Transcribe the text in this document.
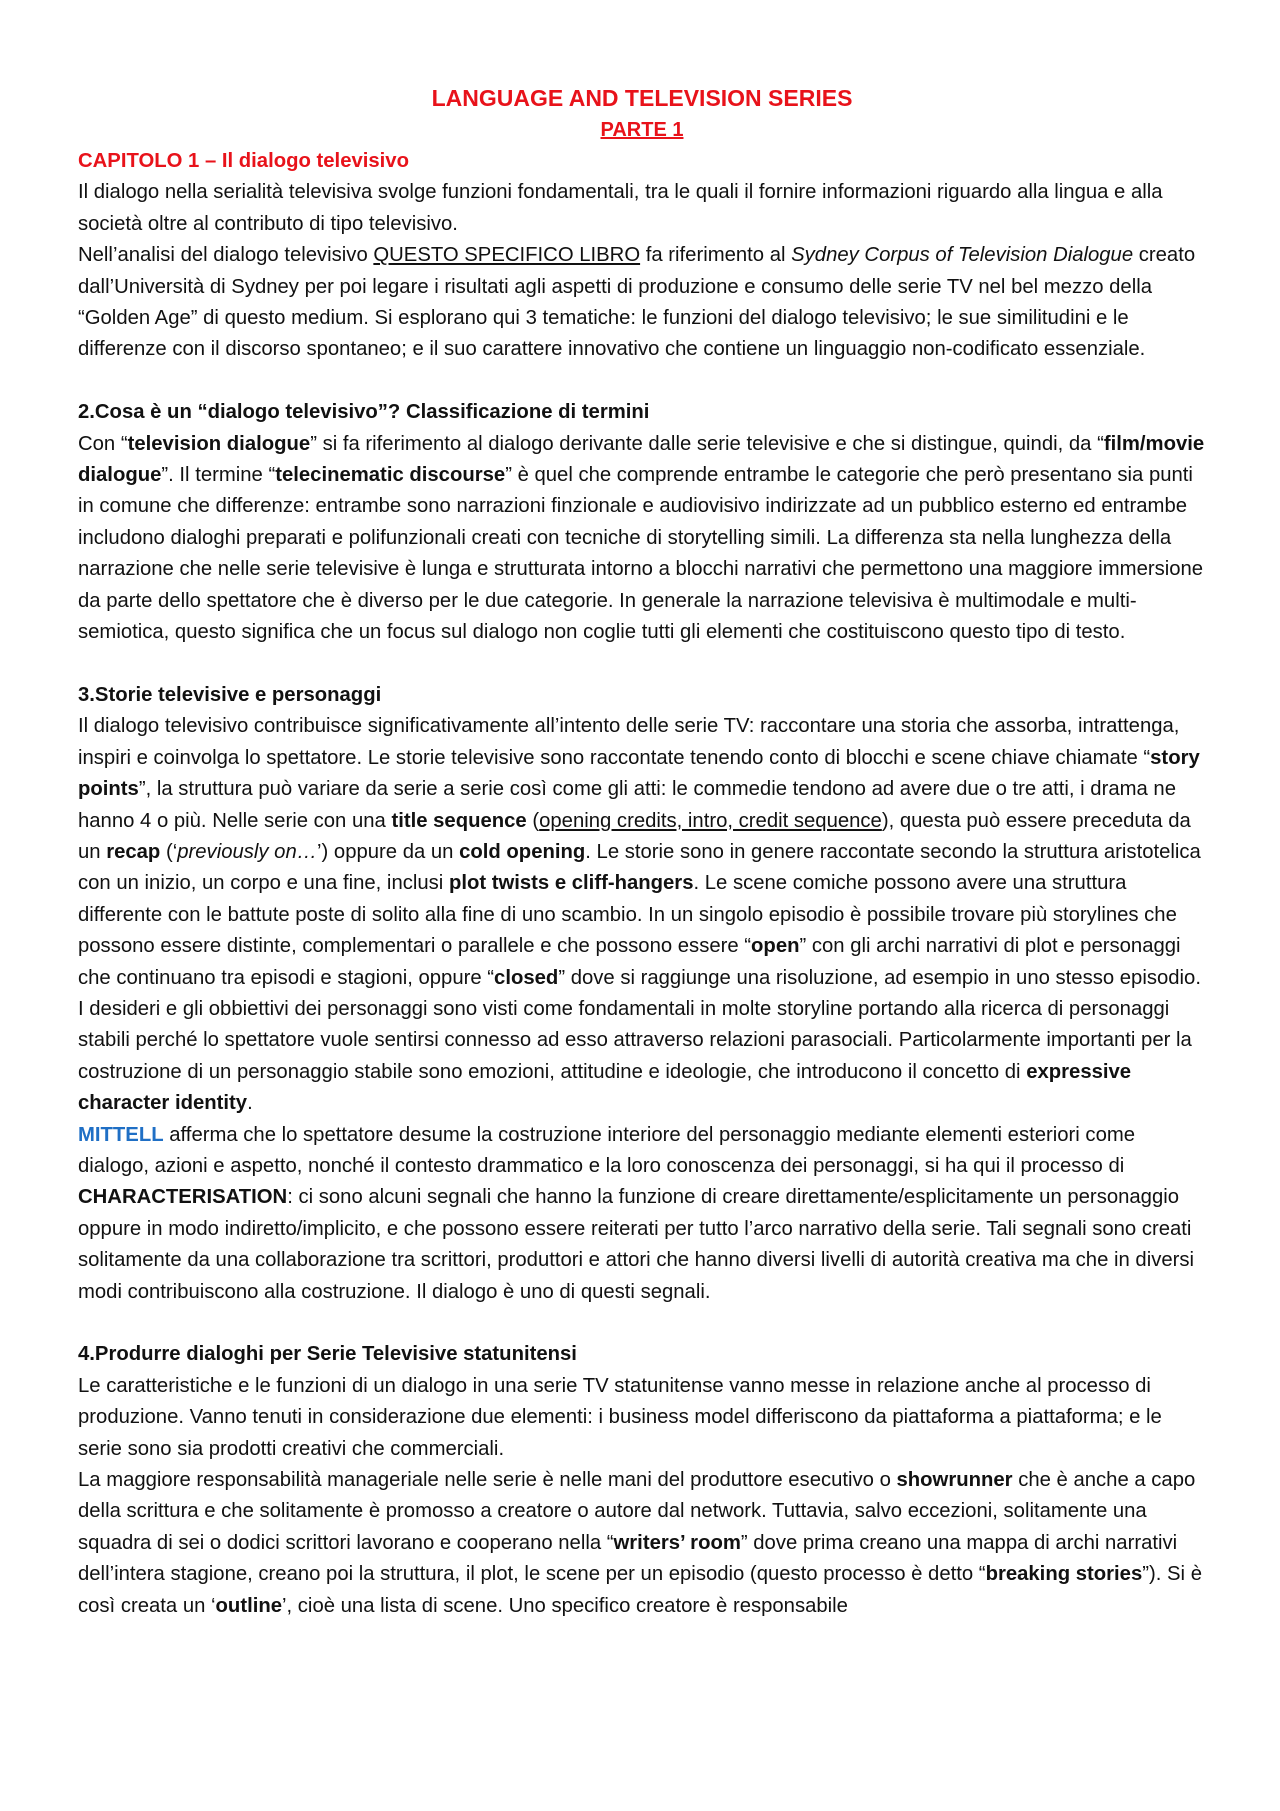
LANGUAGE AND TELEVISION SERIES

PARTE 1

CAPITOLO 1 – Il dialogo televisivo

Il dialogo nella serialità televisiva svolge funzioni fondamentali, tra le quali il fornire informazioni riguardo alla lingua e alla società oltre al contributo di tipo televisivo.

Nell’analisi del dialogo televisivo QUESTO SPECIFICO LIBRO fa riferimento al Sydney Corpus of Television Dialogue creato dall’Università di Sydney per poi legare i risultati agli aspetti di produzione e consumo delle serie TV nel bel mezzo della “Golden Age” di questo medium. Si esplorano qui 3 tematiche: le funzioni del dialogo televisivo; le sue similitudini e le differenze con il discorso spontaneo; e il suo carattere innovativo che contiene un linguaggio non-codificato essenziale.

2.Cosa è un “dialogo televisivo”? Classificazione di termini

Con “television dialogue” si fa riferimento al dialogo derivante dalle serie televisive e che si distingue, quindi, da “film/movie dialogue”. Il termine “telecinematic discourse” è quel che comprende entrambe le categorie che però presentano sia punti in comune che differenze: entrambe sono narrazioni finzionale e audiovisivo indirizzate ad un pubblico esterno ed entrambe includono dialoghi preparati e polifunzionali creati con tecniche di storytelling simili. La differenza sta nella lunghezza della narrazione che nelle serie televisive è lunga e strutturata intorno a blocchi narrativi che permettono una maggiore immersione da parte dello spettatore che è diverso per le due categorie. In generale la narrazione televisiva è multimodale e multi-semiotica, questo significa che un focus sul dialogo non coglie tutti gli elementi che costituiscono questo tipo di testo.

3.Storie televisive e personaggi

Il dialogo televisivo contribuisce significativamente all’intento delle serie TV: raccontare una storia che assorba, intrattenga, inspiri e coinvolga lo spettatore. Le storie televisive sono raccontate tenendo conto di blocchi e scene chiave chiamate “story points”, la struttura può variare da serie a serie così come gli atti: le commedie tendono ad avere due o tre atti, i drama ne hanno 4 o più. Nelle serie con una title sequence (opening credits, intro, credit sequence), questa può essere preceduta da un recap (‘previously on…’) oppure da un cold opening. Le storie sono in genere raccontate secondo la struttura aristotelica con un inizio, un corpo e una fine, inclusi plot twists e cliff-hangers. Le scene comiche possono avere una struttura differente con le battute poste di solito alla fine di uno scambio. In un singolo episodio è possibile trovare più storylines che possono essere distinte, complementari o parallele e che possono essere “open” con gli archi narrativi di plot e personaggi che continuano tra episodi e stagioni, oppure “closed” dove si raggiunge una risoluzione, ad esempio in uno stesso episodio.

I desideri e gli obbiettivi dei personaggi sono visti come fondamentali in molte storyline portando alla ricerca di personaggi stabili perché lo spettatore vuole sentirsi connesso ad esso attraverso relazioni parasociali. Particolarmente importanti per la costruzione di un personaggio stabile sono emozioni, attitudine e ideologie, che introducono il concetto di expressive character identity.

MITTELL afferma che lo spettatore desume la costruzione interiore del personaggio mediante elementi esteriori come dialogo, azioni e aspetto, nonché il contesto drammatico e la loro conoscenza dei personaggi, si ha qui il processo di CHARACTERISATION: ci sono alcuni segnali che hanno la funzione di creare direttamente/esplicitamente un personaggio oppure in modo indiretto/implicito, e che possono essere reiterati per tutto l’arco narrativo della serie. Tali segnali sono creati solitamente da una collaborazione tra scrittori, produttori e attori che hanno diversi livelli di autorità creativa ma che in diversi modi contribuiscono alla costruzione. Il dialogo è uno di questi segnali.

4.Produrre dialoghi per Serie Televisive statunitensi

Le caratteristiche e le funzioni di un dialogo in una serie TV statunitense vanno messe in relazione anche al processo di produzione. Vanno tenuti in considerazione due elementi: i business model differiscono da piattaforma a piattaforma; e le serie sono sia prodotti creativi che commerciali.

La maggiore responsabilità manageriale nelle serie è nelle mani del produttore esecutivo o showrunner che è anche a capo della scrittura e che solitamente è promosso a creatore o autore dal network. Tuttavia, salvo eccezioni, solitamente una squadra di sei o dodici scrittori lavorano e cooperano nella “writers’ room” dove prima creano una mappa di archi narrativi dell’intera stagione, creano poi la struttura, il plot, le scene per un episodio (questo processo è detto “breaking stories”). Si è così creata un ‘outline’, cioè una lista di scene. Uno specifico creatore è responsabile
